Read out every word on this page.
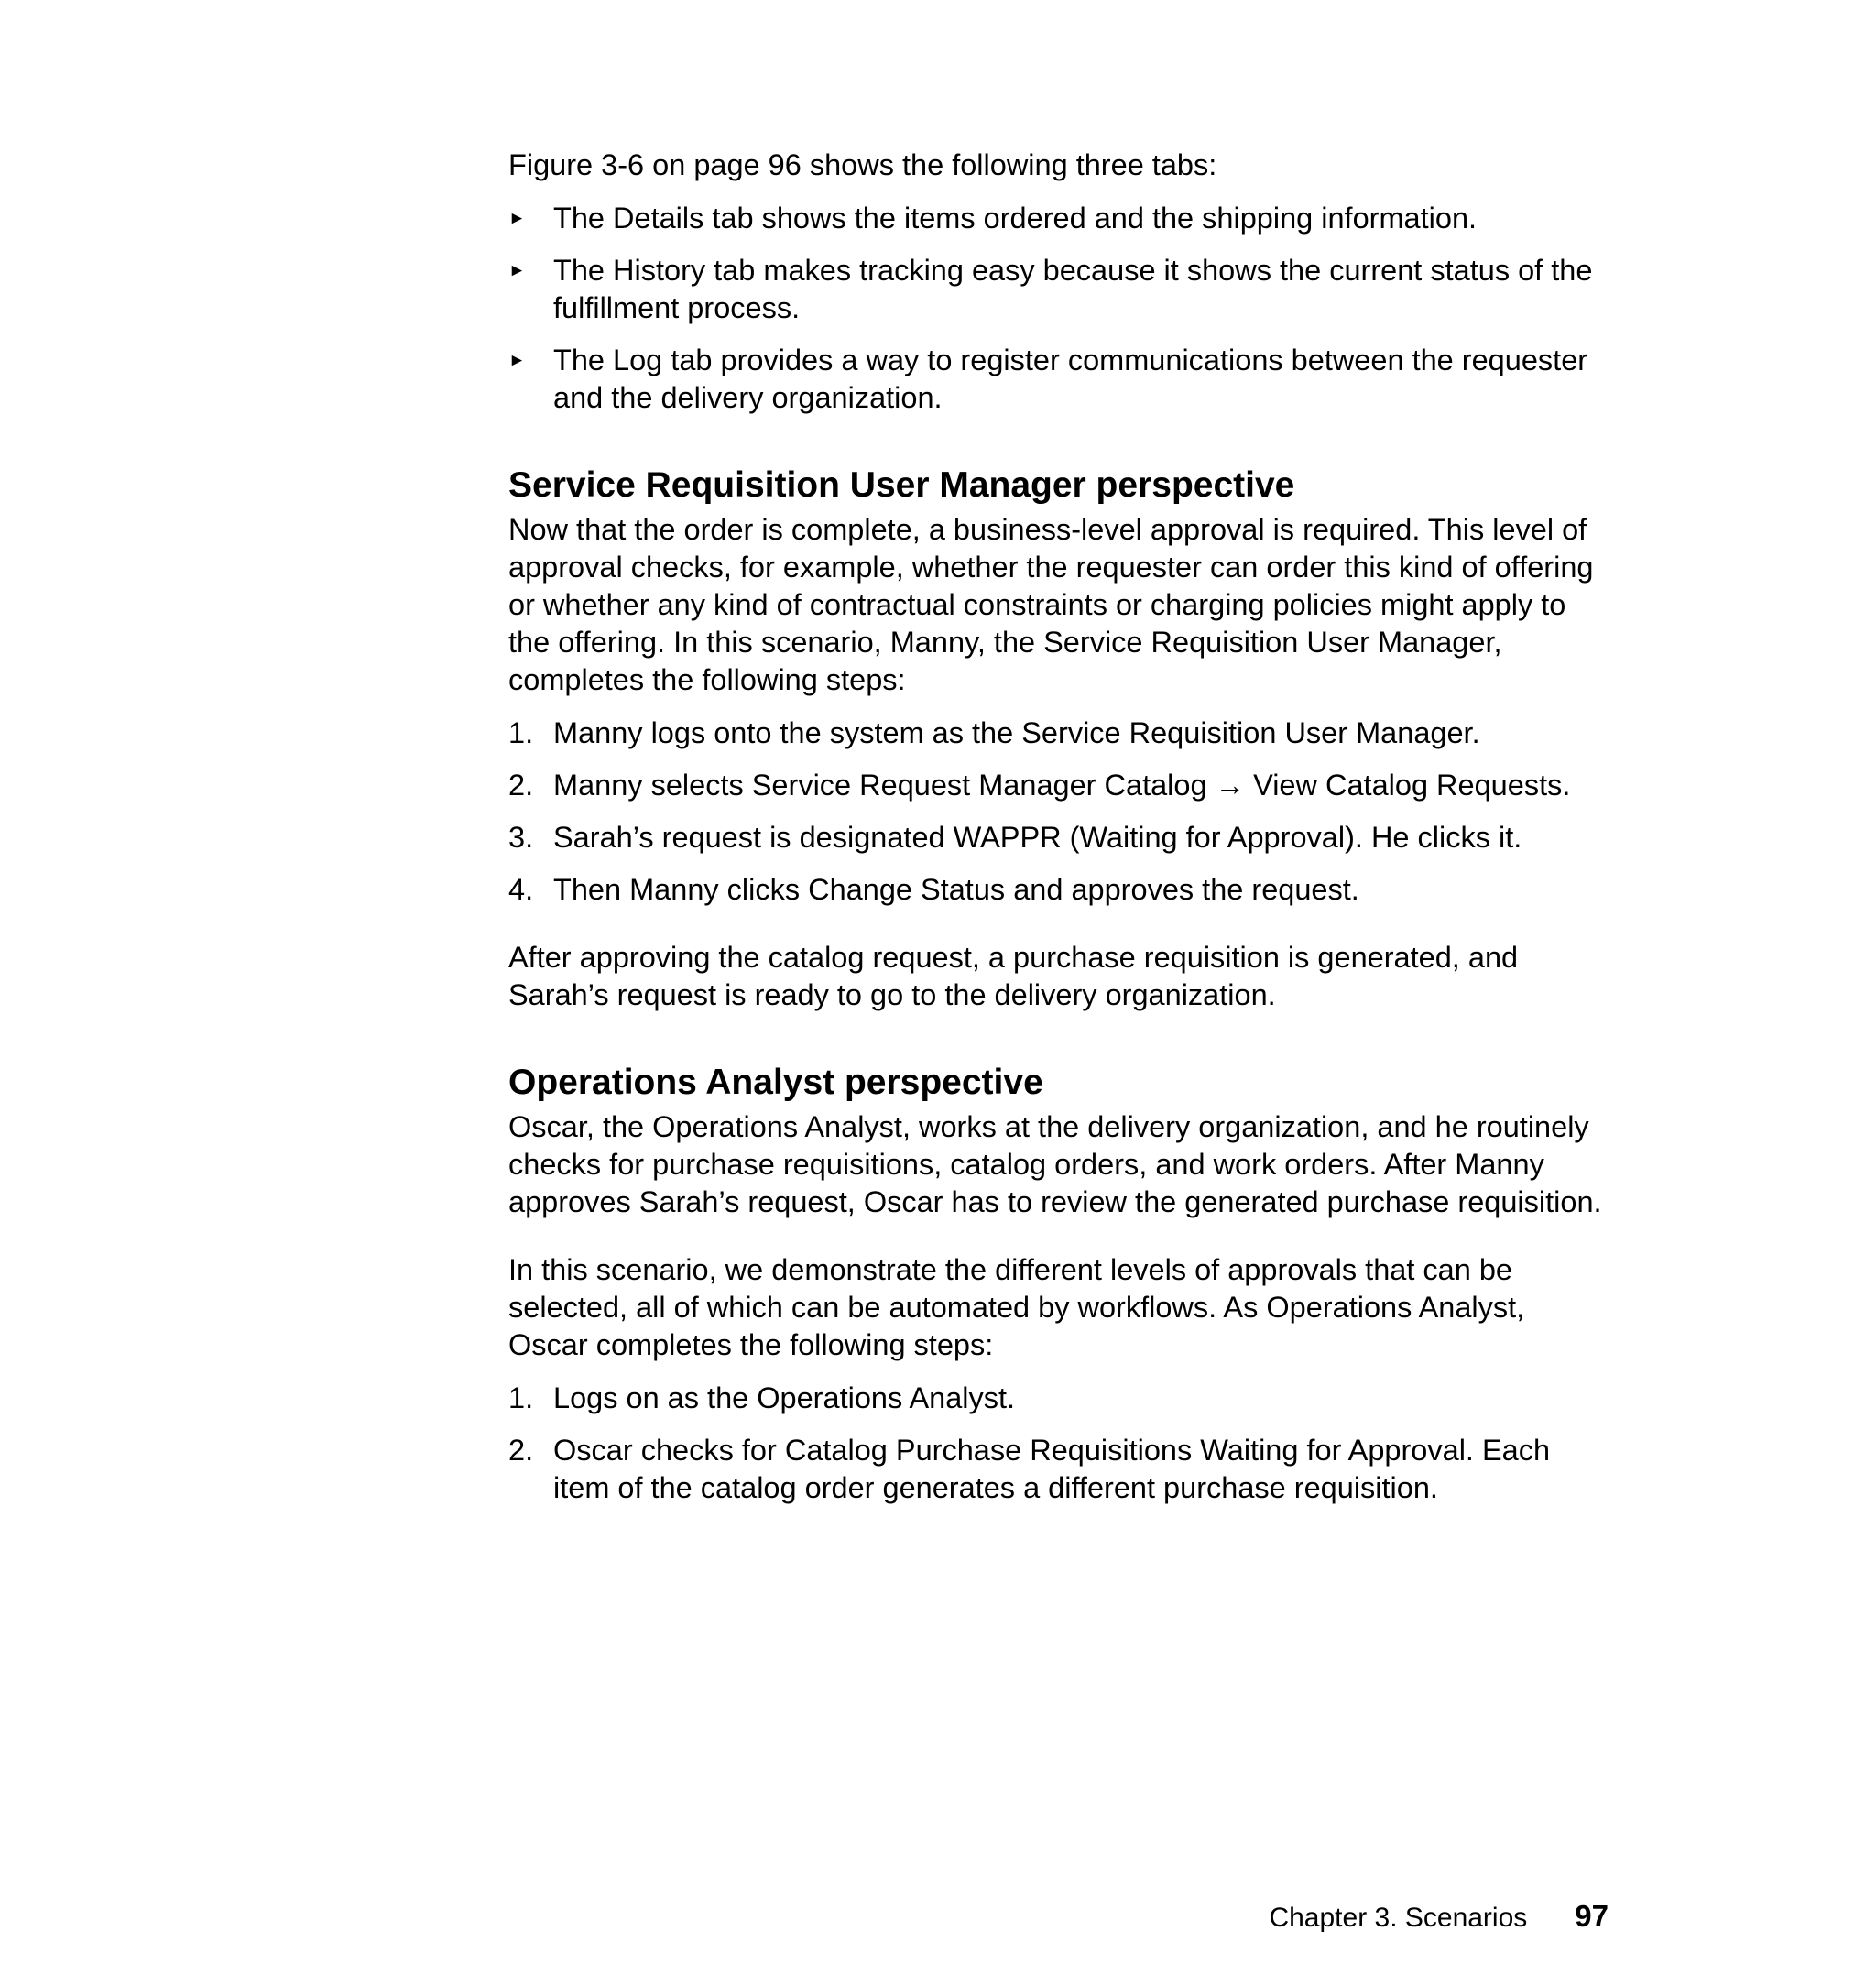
Figure 3-6 on page 96 shows the following three tabs:

► The Details tab shows the items ordered and the shipping information.
► The History tab makes tracking easy because it shows the current status of the fulfillment process.
► The Log tab provides a way to register communications between the requester and the delivery organization.
Service Requisition User Manager perspective

Now that the order is complete, a business-level approval is required. This level of approval checks, for example, whether the requester can order this kind of offering or whether any kind of contractual constraints or charging policies might apply to the offering. In this scenario, Manny, the Service Requisition User Manager, completes the following steps:

1. Manny logs onto the system as the Service Requisition User Manager.
2. Manny selects Service Request Manager Catalog → View Catalog Requests.
3. Sarah’s request is designated WAPPR (Waiting for Approval). He clicks it.
4. Then Manny clicks Change Status and approves the request.

After approving the catalog request, a purchase requisition is generated, and Sarah’s request is ready to go to the delivery organization.

Operations Analyst perspective

Oscar, the Operations Analyst, works at the delivery organization, and he routinely checks for purchase requisitions, catalog orders, and work orders. After Manny approves Sarah’s request, Oscar has to review the generated purchase requisition.

In this scenario, we demonstrate the different levels of approvals that can be selected, all of which can be automated by workflows. As Operations Analyst, Oscar completes the following steps:

1. Logs on as the Operations Analyst.
2. Oscar checks for Catalog Purchase Requisitions Waiting for Approval. Each item of the catalog order generates a different purchase requisition.
Chapter 3. Scenarios 97
